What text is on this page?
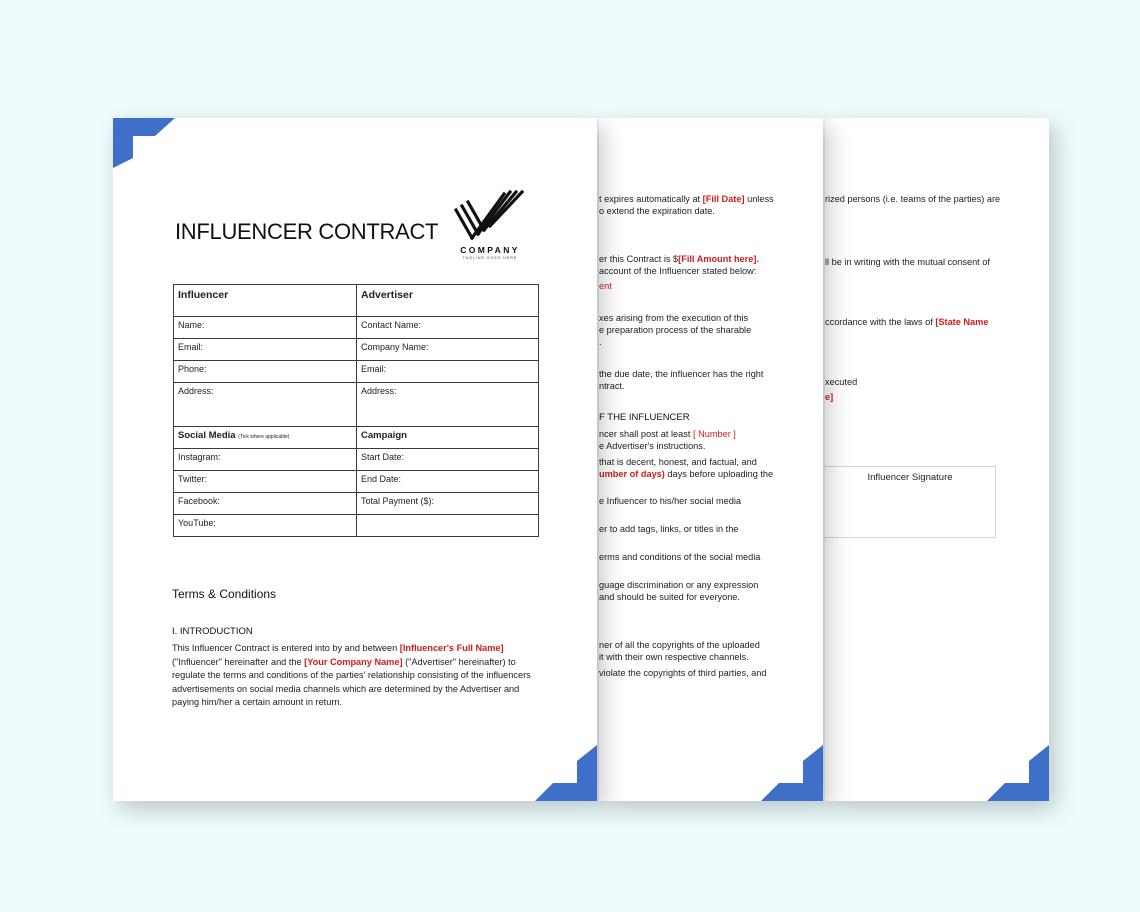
rized persons (i.e. teams of the parties) are
ll be in writing with the mutual consent of
ccordance with the laws of [State Name
xecuted
e]
Influencer Signature
t expires automatically at [Fill Date] unless
o extend the expiration date.
er this Contract is $[Fill Amount here].
account of the Influencer stated below:
ent
xes arising from the execution of this
e preparation process of the sharable
.
the due date, the influencer has the right
ntract.
F THE INFLUENCER
ncer shall post at least [ Number ]
e Advertiser's instructions.
that is decent, honest, and factual, and
umber of days) days before uploading the
e Influencer to his/her social media
er to add tags, links, or titles in the
erms and conditions of the social media
guage discrimination or any expression
and should be suited for everyone.
ner of all the copyrights of the uploaded
it with their own respective channels.
violate the copyrights of third parties, and
INFLUENCER CONTRACT
COMPANY
TAGLINE GOES HERE
Influencer	Advertiser
Name:	Contact Name:
Email:	Company Name:
Phone:	Email:
Address:	Address:
Social Media (Tick where applicable)	Campaign
Instagram:	Start Date:
Twitter:	End Date:
Facebook:	Total Payment ($):
YouTube:	
Terms & Conditions
I. INTRODUCTION
This Influencer Contract is entered into by and between [Influencer's Full Name] ("Influencer" hereinafter and the [Your Company Name] ("Advertiser" hereinafter) to regulate the terms and conditions of the parties' relationship consisting of the influencers advertisements on social media channels which are determined by the Advertiser and paying him/her a certain amount in return.
